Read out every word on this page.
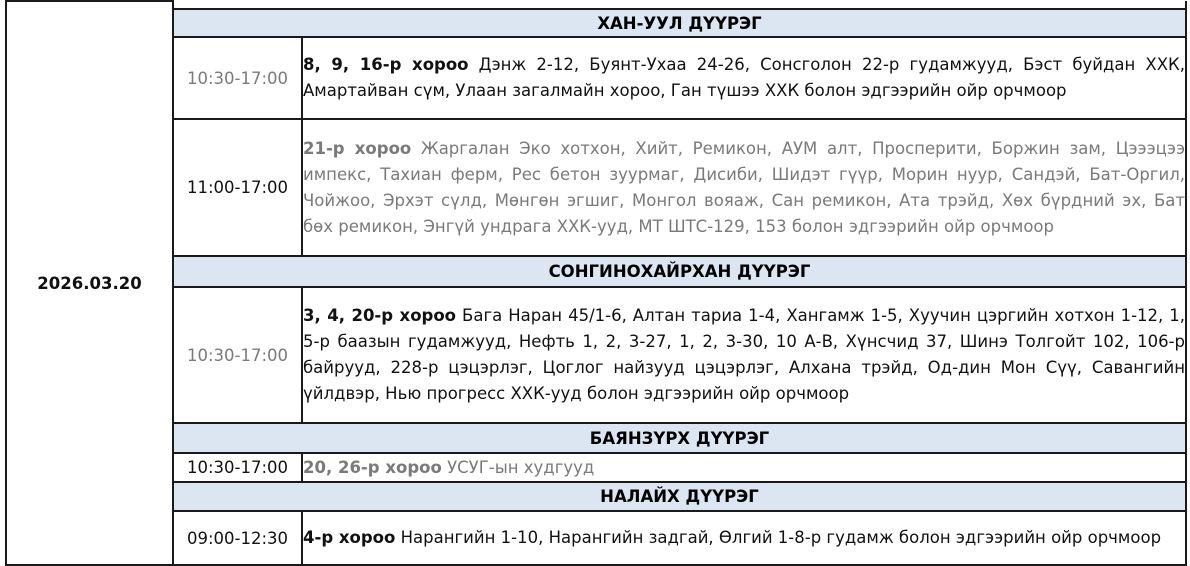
2026.03.20		
	ХАН-УУЛ ДҮҮРЭГ	
	10:30-17:00	8, 9, 16-р хороо Дэнж 2-12, Буянт-Ухаа 24-26, Сонсголон 22-р гудамжууд, Бэст буйдан ХХК, Амартайван сүм, Улаан загалмайн хороо, Ган түшээ ХХК болон эдгээрийн ойр орчмоор
	11:00-17:00	21-р хороо Жаргалан Эко хотхон, Хийт, Ремикон, АУМ алт, Просперити, Боржин зам, Цэээцээ импекс, Тахиан ферм, Рес бетон зуурмаг, Дисиби, Шидэт гүүр, Морин нуур, Сандэй, Бат-Оргил, Чойжоо, Эрхэт сүлд, Мөнгөн эгшиг, Монгол вояаж, Сан ремикон, Ата трэйд, Хөх бүрдний эх, Бат бөх ремикон, Энгүй ундрага ХХК-ууд, МТ ШТС-129, 153 болон эдгээрийн ойр орчмоор
	СОНГИНОХАЙРХАН ДҮҮРЭГ	
	10:30-17:00	3, 4, 20-р хороо Бага Наран 45/1-6, Алтан тариа 1-4, Хангамж 1-5, Хуучин цэргийн хотхон 1-12, 1, 5-р баазын гудамжууд, Нефть 1, 2, 3-27, 1, 2, 3-30, 10 А-В, Хүнсчид 37, Шинэ Толгойт 102, 106-р байрууд, 228-р цэцэрлэг, Цоглог найзууд цэцэрлэг, Алхана трэйд, Од-дин Мон Сүү, Савангийн үйлдвэр, Нью прогресс ХХК-ууд болон эдгээрийн ойр орчмоор
	БАЯНЗҮРХ ДҮҮРЭГ	
	10:30-17:00	20, 26-р хороо УСУГ-ын худгууд
	НАЛАЙХ ДҮҮРЭГ	
	09:00-12:30	4-р хороо Нарангийн 1-10, Нарангийн задгай, Өлгий 1-8-р гудамж болон эдгээрийн ойр орчмоор
